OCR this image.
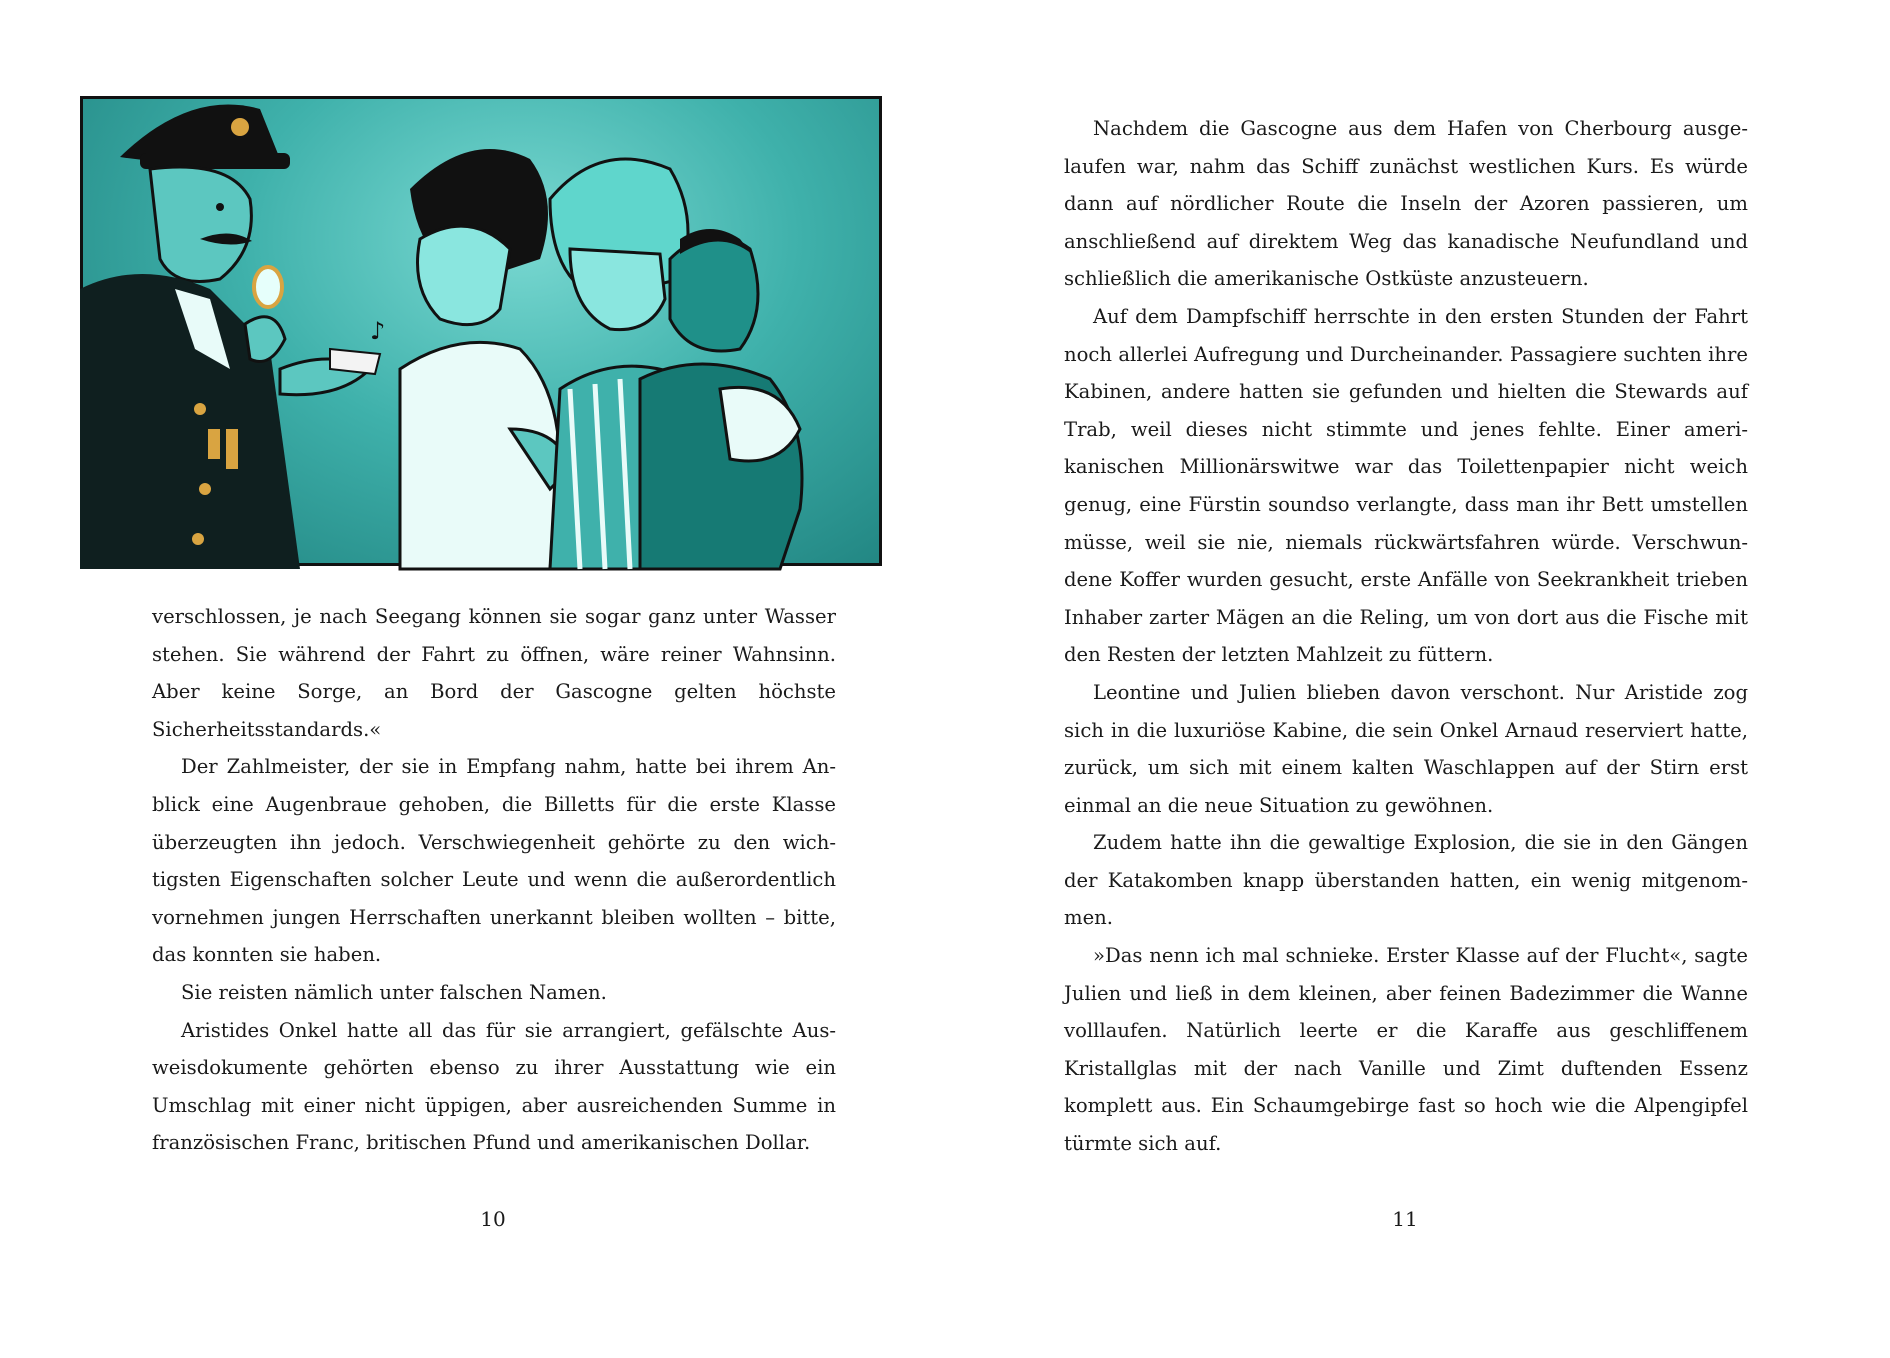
♪

verschlossen, je nach Seegang können sie sogar ganz unter Wasser stehen. Sie während der Fahrt zu öffnen, wäre reiner Wahnsinn. Aber keine Sorge, an Bord der Gascogne gelten höchste Sicherheitsstandards.«

Der Zahlmeister, der sie in Empfang nahm, hatte bei ihrem Anblick eine Augenbraue gehoben, die Billetts für die erste Klasse überzeugten ihn jedoch. Verschwiegenheit gehörte zu den wichtigsten Eigenschaften solcher Leute und wenn die außerordentlich vornehmen jungen Herrschaften unerkannt bleiben wollten – bitte, das konnten sie haben.

Sie reisten nämlich unter falschen Namen.

Aristides Onkel hatte all das für sie arrangiert, gefälschte Ausweisdokumente gehörten ebenso zu ihrer Ausstattung wie ein Umschlag mit einer nicht üppigen, aber ausreichenden Summe in französischen Franc, britischen Pfund und amerikanischen Dollar.

10

Nachdem die Gascogne aus dem Hafen von Cherbourg ausgelaufen war, nahm das Schiff zunächst westlichen Kurs. Es würde dann auf nördlicher Route die Inseln der Azoren passieren, um anschließend auf direktem Weg das kanadische Neufundland und schließlich die amerikanische Ostküste anzusteuern.

Auf dem Dampfschiff herrschte in den ersten Stunden der Fahrt noch allerlei Aufregung und Durcheinander. Passagiere suchten ihre Kabinen, andere hatten sie gefunden und hielten die Stewards auf Trab, weil dieses nicht stimmte und jenes fehlte. Einer amerikanischen Millionärswitwe war das Toilettenpapier nicht weich genug, eine Fürstin soundso verlangte, dass man ihr Bett umstellen müsse, weil sie nie, niemals rückwärtsfahren würde. Verschwundene Koffer wurden gesucht, erste Anfälle von Seekrankheit trieben Inhaber zarter Mägen an die Reling, um von dort aus die Fische mit den Resten der letzten Mahlzeit zu füttern.

Leontine und Julien blieben davon verschont. Nur Aristide zog sich in die luxuriöse Kabine, die sein Onkel Arnaud reserviert hatte, zurück, um sich mit einem kalten Waschlappen auf der Stirn erst einmal an die neue Situation zu gewöhnen.

Zudem hatte ihn die gewaltige Explosion, die sie in den Gängen der Katakomben knapp überstanden hatten, ein wenig mitgenommen.

»Das nenn ich mal schnieke. Erster Klasse auf der Flucht«, sagte Julien und ließ in dem kleinen, aber feinen Badezimmer die Wanne volllaufen. Natürlich leerte er die Karaffe aus geschliffenem Kristallglas mit der nach Vanille und Zimt duftenden Essenz komplett aus. Ein Schaumgebirge fast so hoch wie die Alpengipfel türmte sich auf.

11
